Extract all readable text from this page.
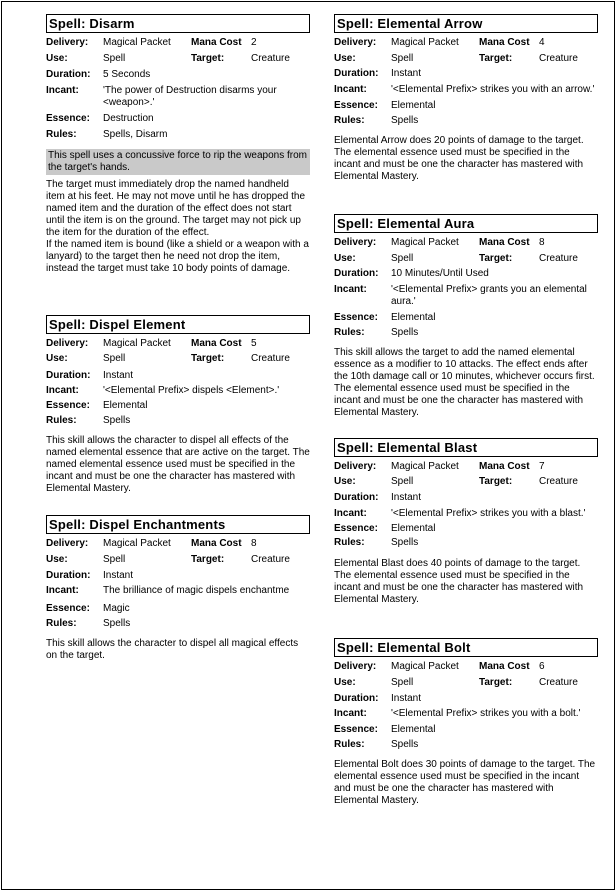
Spell: Disarm
Delivery:	Magical Packet	Mana Cost 2
Use:	Spell	Target:	Creature
Duration:	5 Seconds
Incant:	'The power of Destruction disarms your <weapon>.'
Essence:	Destruction
Rules:	Spells, Disarm
This spell uses a concussive force to rip the weapons from the target's hands.
The target must immediately drop the named handheld item at his feet. He may not move until he has dropped the named item and the duration of the effect does not start until the item is on the ground. The target may not pick up the item for the duration of the effect.
If the named item is bound (like a shield or a weapon with a lanyard) to the target then he need not drop the item, instead the target must take 10 body points of damage.
Spell: Dispel Element
Delivery:	Magical Packet	Mana Cost 5
Use:	Spell	Target:	Creature
Duration:	Instant
Incant:	'<Elemental Prefix> dispels <Element>.'
Essence:	Elemental
Rules:	Spells
This skill allows the character to dispel all effects of the named elemental essence that are active on the target. The named elemental essence used must be specified in the incant and must be one the character has mastered with Elemental Mastery.
Spell: Dispel Enchantments
Delivery:	Magical Packet	Mana Cost 8
Use:	Spell	Target:	Creature
Duration:	Instant
Incant:	The brilliance of magic dispels enchantme
Essence:	Magic
Rules:	Spells
This skill allows the character to dispel all magical effects on the target.
Spell: Elemental Arrow
Delivery:	Magical Packet	Mana Cost 4
Use:	Spell	Target:	Creature
Duration:	Instant
Incant:	'<Elemental Prefix> strikes you with an arrow.'
Essence:	Elemental
Rules:	Spells
Elemental Arrow does 20 points of damage to the target. The elemental essence used must be specified in the incant and must be one the character has mastered with Elemental Mastery.
Spell: Elemental Aura
Delivery:	Magical Packet	Mana Cost 8
Use:	Spell	Target:	Creature
Duration:	10 Minutes/Until Used
Incant:	'<Elemental Prefix> grants you an elemental aura.'
Essence:	Elemental
Rules:	Spells
This skill allows the target to add the named elemental essence as a modifier to 10 attacks. The effect ends after the 10th damage call or 10 minutes, whichever occurs first. The elemental essence used must be specified in the incant and must be one the character has mastered with Elemental Mastery.
Spell: Elemental Blast
Delivery:	Magical Packet	Mana Cost 7
Use:	Spell	Target:	Creature
Duration:	Instant
Incant:	'<Elemental Prefix> strikes you with a blast.'
Essence:	Elemental
Rules:	Spells
Elemental Blast does 40 points of damage to the target. The elemental essence used must be specified in the incant and must be one the character has mastered with Elemental Mastery.
Spell: Elemental Bolt
Delivery:	Magical Packet	Mana Cost 6
Use:	Spell	Target:	Creature
Duration:	Instant
Incant:	'<Elemental Prefix> strikes you with a bolt.'
Essence:	Elemental
Rules:	Spells
Elemental Bolt does 30 points of damage to the target. The elemental essence used must be specified in the incant and must be one the character has mastered with Elemental Mastery.
